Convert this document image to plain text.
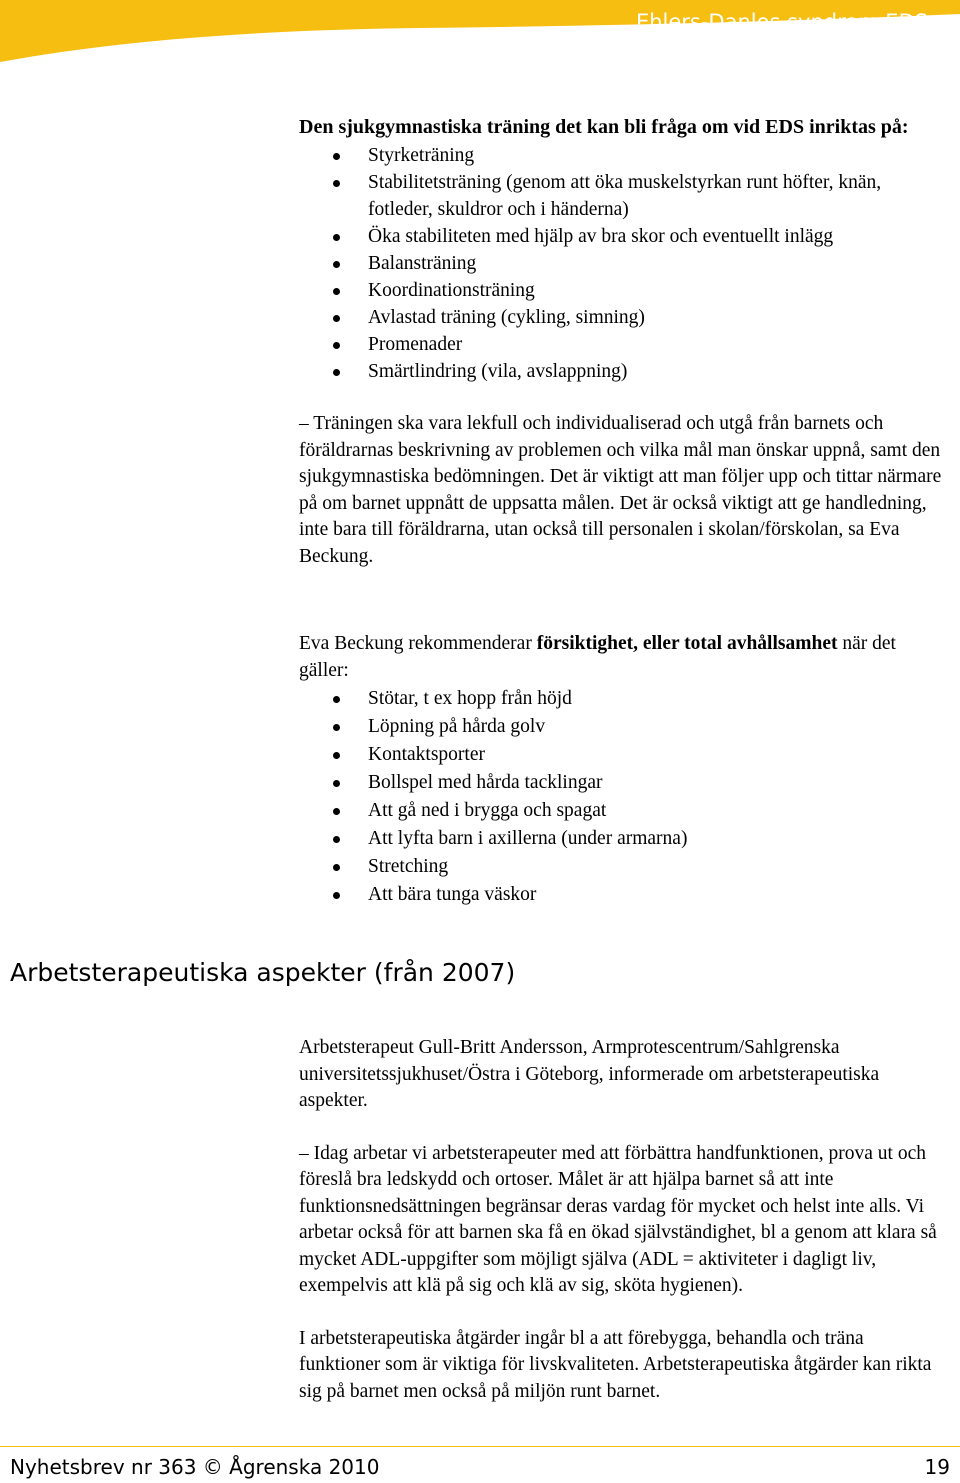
Ehlers-Danlos syndrom EDS

Den sjukgymnastiska träning det kan bli fråga om vid EDS inriktas på:

Styrketräning
Stabilitetsträning (genom att öka muskelstyrkan runt höfter, knän, fotleder, skuldror och i händerna)
Öka stabiliteten med hjälp av bra skor och eventuellt inlägg
Balansträning
Koordinationsträning
Avlastad träning (cykling, simning)
Promenader
Smärtlindring (vila, avslappning)

– Träningen ska vara lekfull och individualiserad och utgå från barnets och föräldrarnas beskrivning av problemen och vilka mål man önskar uppnå, samt den sjukgymnastiska bedömningen. Det är viktigt att man följer upp och tittar närmare på om barnet uppnått de uppsatta målen. Det är också viktigt att ge handledning, inte bara till föräldrarna, utan också till personalen i skolan/förskolan, sa Eva Beckung.

Eva Beckung rekommenderar försiktighet, eller total avhållsamhet när det gäller:

Stötar, t ex hopp från höjd
Löpning på hårda golv
Kontaktsporter
Bollspel med hårda tacklingar
Att gå ned i brygga och spagat
Att lyfta barn i axillerna (under armarna)
Stretching
Att bära tunga väskor
Arbetsterapeutiska aspekter (från 2007)

Arbetsterapeut Gull-Britt Andersson, Armprotescentrum/Sahlgrenska universitetssjukhuset/Östra i Göteborg, informerade om arbetsterapeutiska aspekter.

– Idag arbetar vi arbetsterapeuter med att förbättra handfunktionen, prova ut och föreslå bra ledskydd och ortoser. Målet är att hjälpa barnet så att inte funktionsnedsättningen begränsar deras vardag för mycket och helst inte alls. Vi arbetar också för att barnen ska få en ökad självständighet, bl a genom att klara så mycket ADL-uppgifter som möjligt själva (ADL = aktiviteter i dagligt liv, exempelvis att klä på sig och klä av sig, sköta hygienen).

I arbetsterapeutiska åtgärder ingår bl a att förebygga, behandla och träna funktioner som är viktiga för livskvaliteten. Arbetsterapeutiska åtgärder kan rikta sig på barnet men också på miljön runt barnet.

Nyhetsbrev nr 363 © Ågrenska 2010	19
